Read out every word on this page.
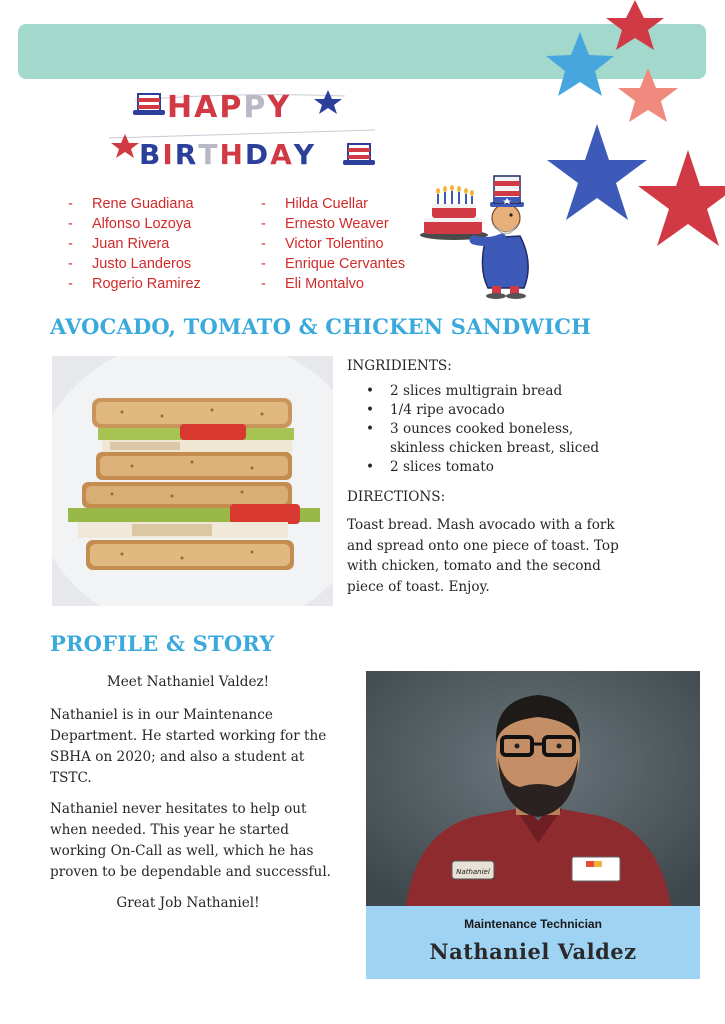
HAPPY
BIRTHDAY
- Rene Guadiana
- Alfonso Lozoya
- Juan Rivera
- Justo Landeros
- Rogerio Ramirez
- Hilda Cuellar
- Ernesto Weaver
- Victor Tolentino
- Enrique Cervantes
- Eli Montalvo
AVOCADO, TOMATO & CHICKEN SANDWICH
INGRIDIENTS:
• 2 slices multigrain bread
• 1/4 ripe avocado
• 3 ounces cooked boneless, skinless chicken breast, sliced
• 2 slices tomato
DIRECTIONS:

Toast bread. Mash avocado with a fork and spread onto one piece of toast. Top with chicken, tomato and the second piece of toast. Enjoy.

PROFILE & STORY

Meet Nathaniel Valdez!

Nathaniel is in our Maintenance Department. He started working for the SBHA on 2020; and also a student at TSTC.

Nathaniel never hesitates to help out when needed. This year he started working On-Call as well, which he has proven to be dependable and successful.

Great Job Nathaniel!

Nathaniel
Maintenance Technician
Nathaniel Valdez
